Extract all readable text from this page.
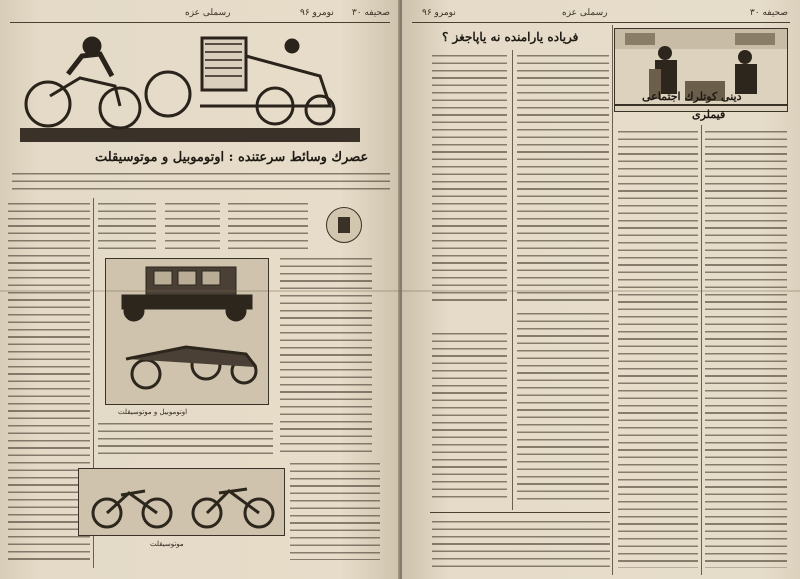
صحیفه ۳۰
رسملی عزه	نومرو ۹۶
عصرك وسائط سرعتنده : اوتوموبیل و موتوسیقلت
اوتوموبیل و موتوسیقلت
موتوسیقلت
نومرو ۹۶	رسملی عزه	صحیفه ۳۰
فریاده یارامنده نه یاپاجغز ؟
دینی کوتلرك اجتماعی
قیملری
